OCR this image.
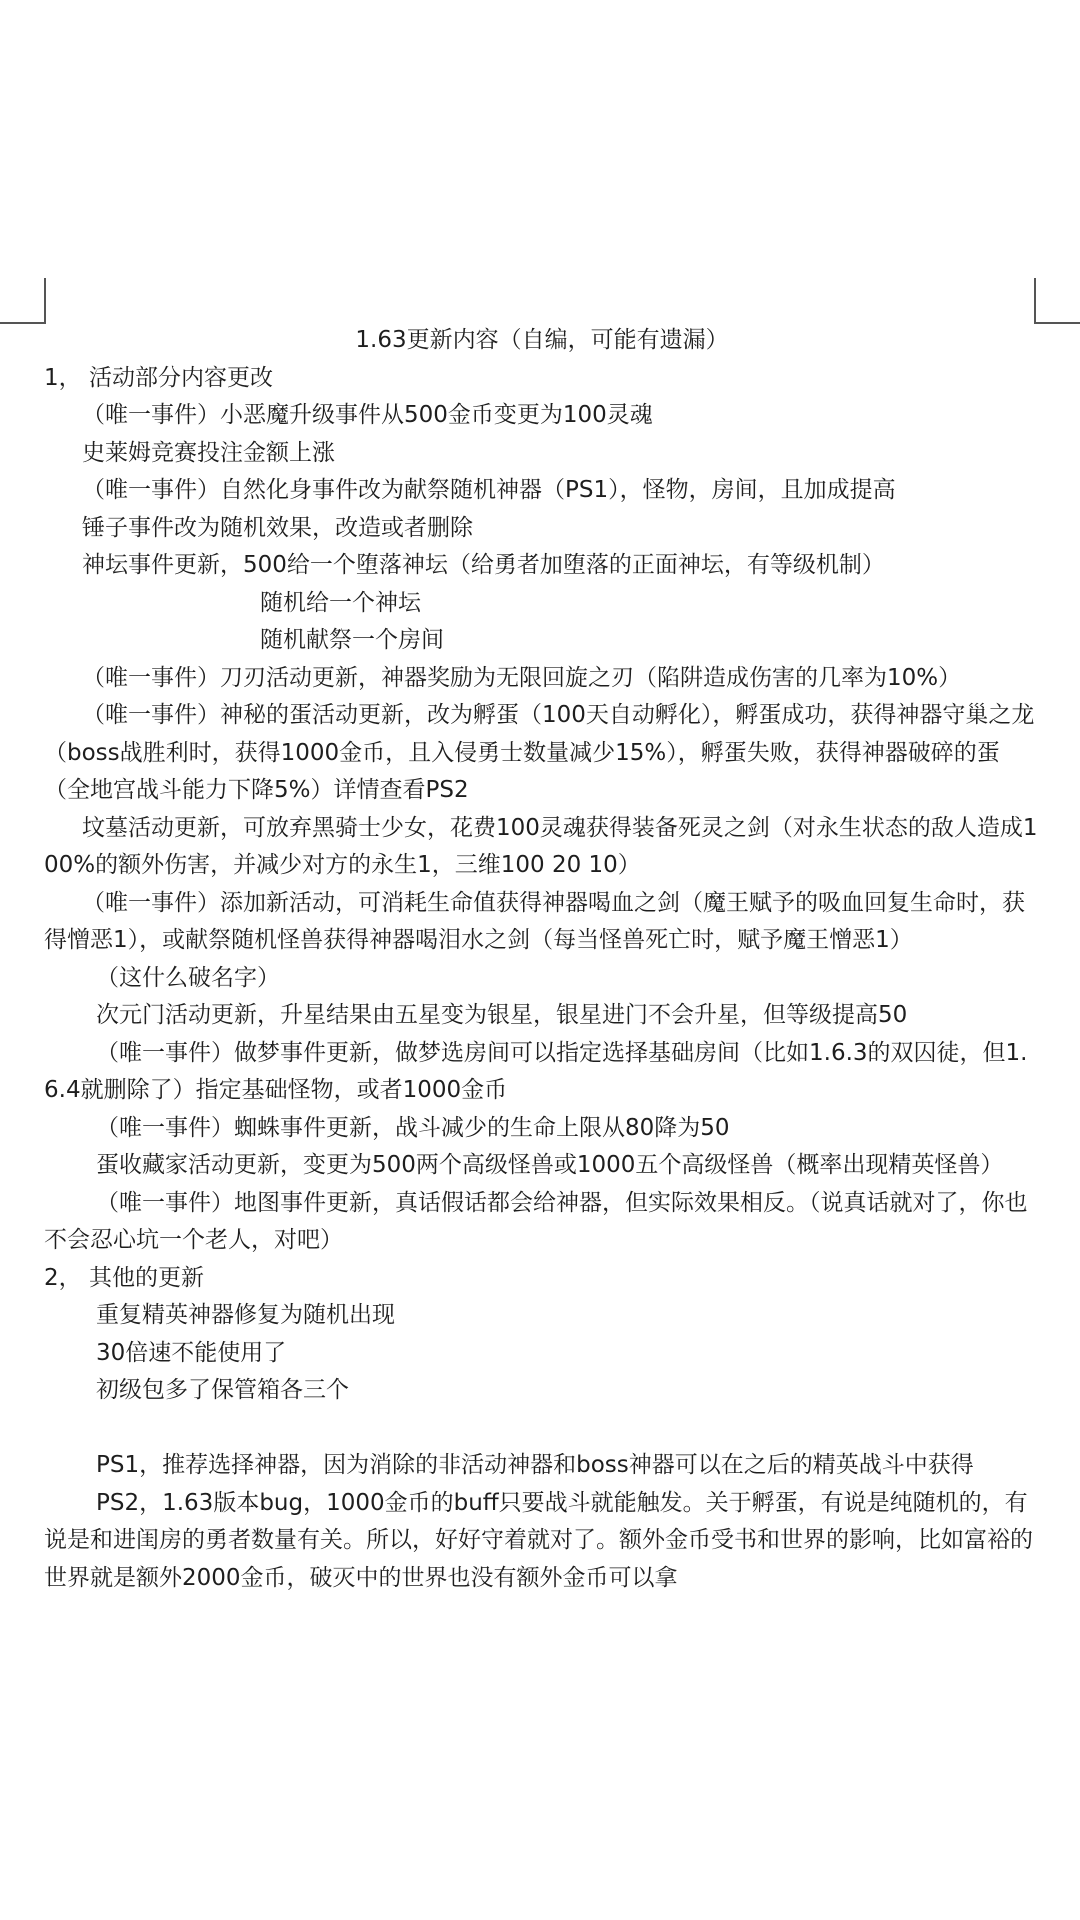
1.63更新内容（自编，可能有遗漏）

1， 活动部分内容更改

（唯一事件）小恶魔升级事件从500金币变更为100灵魂

史莱姆竞赛投注金额上涨

（唯一事件）自然化身事件改为献祭随机神器（PS1），怪物，房间，且加成提高

锤子事件改为随机效果，改造或者删除

神坛事件更新，500给一个堕落神坛（给勇者加堕落的正面神坛，有等级机制）

随机给一个神坛

随机献祭一个房间

（唯一事件）刀刃活动更新，神器奖励为无限回旋之刃（陷阱造成伤害的几率为10%）

（唯一事件）神秘的蛋活动更新，改为孵蛋（100天自动孵化），孵蛋成功，获得神器守巢之龙（boss战胜利时，获得1000金币，且入侵勇士数量减少15%），孵蛋失败，获得神器破碎的蛋（全地宫战斗能力下降5%）详情查看PS2

坟墓活动更新，可放弃黑骑士少女，花费100灵魂获得装备死灵之剑（对永生状态的敌人造成100%的额外伤害，并减少对方的永生1，三维100 20 10）

（唯一事件）添加新活动，可消耗生命值获得神器喝血之剑（魔王赋予的吸血回复生命时，获得憎恶1），或献祭随机怪兽获得神器喝泪水之剑（每当怪兽死亡时，赋予魔王憎恶1）

（这什么破名字）

次元门活动更新，升星结果由五星变为银星，银星进门不会升星，但等级提高50

（唯一事件）做梦事件更新，做梦选房间可以指定选择基础房间（比如1.6.3的双囚徒，但1.6.4就删除了）指定基础怪物，或者1000金币

（唯一事件）蜘蛛事件更新，战斗减少的生命上限从80降为50

蛋收藏家活动更新，变更为500两个高级怪兽或1000五个高级怪兽（概率出现精英怪兽）

（唯一事件）地图事件更新，真话假话都会给神器，但实际效果相反。（说真话就对了，你也不会忍心坑一个老人，对吧）

2， 其他的更新

重复精英神器修复为随机出现

30倍速不能使用了

初级包多了保管箱各三个

PS1，推荐选择神器，因为消除的非活动神器和boss神器可以在之后的精英战斗中获得

PS2，1.63版本bug，1000金币的buff只要战斗就能触发。关于孵蛋，有说是纯随机的，有说是和进闺房的勇者数量有关。所以，好好守着就对了。额外金币受书和世界的影响，比如富裕的世界就是额外2000金币，破灭中的世界也没有额外金币可以拿
